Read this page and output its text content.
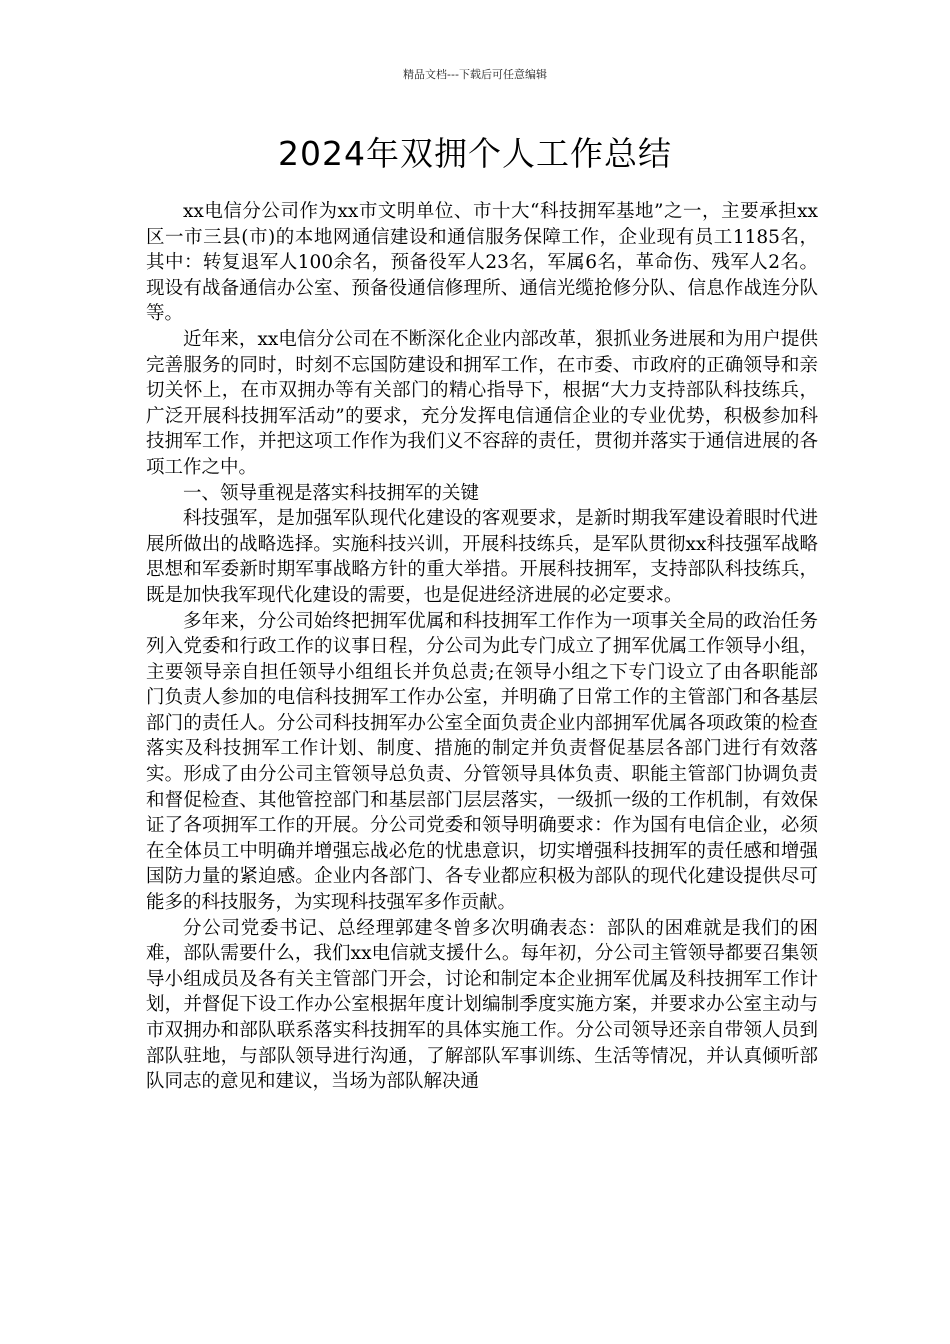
精品文档---下载后可任意编辑
2024年双拥个人工作总结

xx电信分公司作为xx市文明单位、市十大“科技拥军基地”之一，主要承担xx区一市三县(市)的本地网通信建设和通信服务保障工作，企业现有员工1185名，其中：转复退军人100余名，预备役军人23名，军属6名，革命伤、残军人2名。现设有战备通信办公室、预备役通信修理所、通信光缆抢修分队、信息作战连分队等。

近年来，xx电信分公司在不断深化企业内部改革，狠抓业务进展和为用户提供完善服务的同时，时刻不忘国防建设和拥军工作，在市委、市政府的正确领导和亲切关怀上，在市双拥办等有关部门的精心指导下，根据“大力支持部队科技练兵，广泛开展科技拥军活动”的要求，充分发挥电信通信企业的专业优势，积极参加科技拥军工作，并把这项工作作为我们义不容辞的责任，贯彻并落实于通信进展的各项工作之中。

一、领导重视是落实科技拥军的关键

科技强军，是加强军队现代化建设的客观要求，是新时期我军建设着眼时代进展所做出的战略选择。实施科技兴训，开展科技练兵，是军队贯彻xx科技强军战略思想和军委新时期军事战略方针的重大举措。开展科技拥军，支持部队科技练兵，既是加快我军现代化建设的需要，也是促进经济进展的必定要求。

多年来，分公司始终把拥军优属和科技拥军工作作为一项事关全局的政治任务列入党委和行政工作的议事日程，分公司为此专门成立了拥军优属工作领导小组，主要领导亲自担任领导小组组长并负总责;在领导小组之下专门设立了由各职能部门负责人参加的电信科技拥军工作办公室，并明确了日常工作的主管部门和各基层部门的责任人。分公司科技拥军办公室全面负责企业内部拥军优属各项政策的检查落实及科技拥军工作计划、制度、措施的制定并负责督促基层各部门进行有效落实。形成了由分公司主管领导总负责、分管领导具体负责、职能主管部门协调负责和督促检查、其他管控部门和基层部门层层落实，一级抓一级的工作机制，有效保证了各项拥军工作的开展。分公司党委和领导明确要求：作为国有电信企业，必须在全体员工中明确并增强忘战必危的忧患意识，切实增强科技拥军的责任感和增强国防力量的紧迫感。企业内各部门、各专业都应积极为部队的现代化建设提供尽可能多的科技服务，为实现科技强军多作贡献。

分公司党委书记、总经理郭建冬曾多次明确表态：部队的困难就是我们的困难，部队需要什么，我们xx电信就支援什么。每年初，分公司主管领导都要召集领导小组成员及各有关主管部门开会，讨论和制定本企业拥军优属及科技拥军工作计划，并督促下设工作办公室根据年度计划编制季度实施方案，并要求办公室主动与市双拥办和部队联系落实科技拥军的具体实施工作。分公司领导还亲自带领人员到部队驻地，与部队领导进行沟通，了解部队军事训练、生活等情况，并认真倾听部队同志的意见和建议，当场为部队解决通
